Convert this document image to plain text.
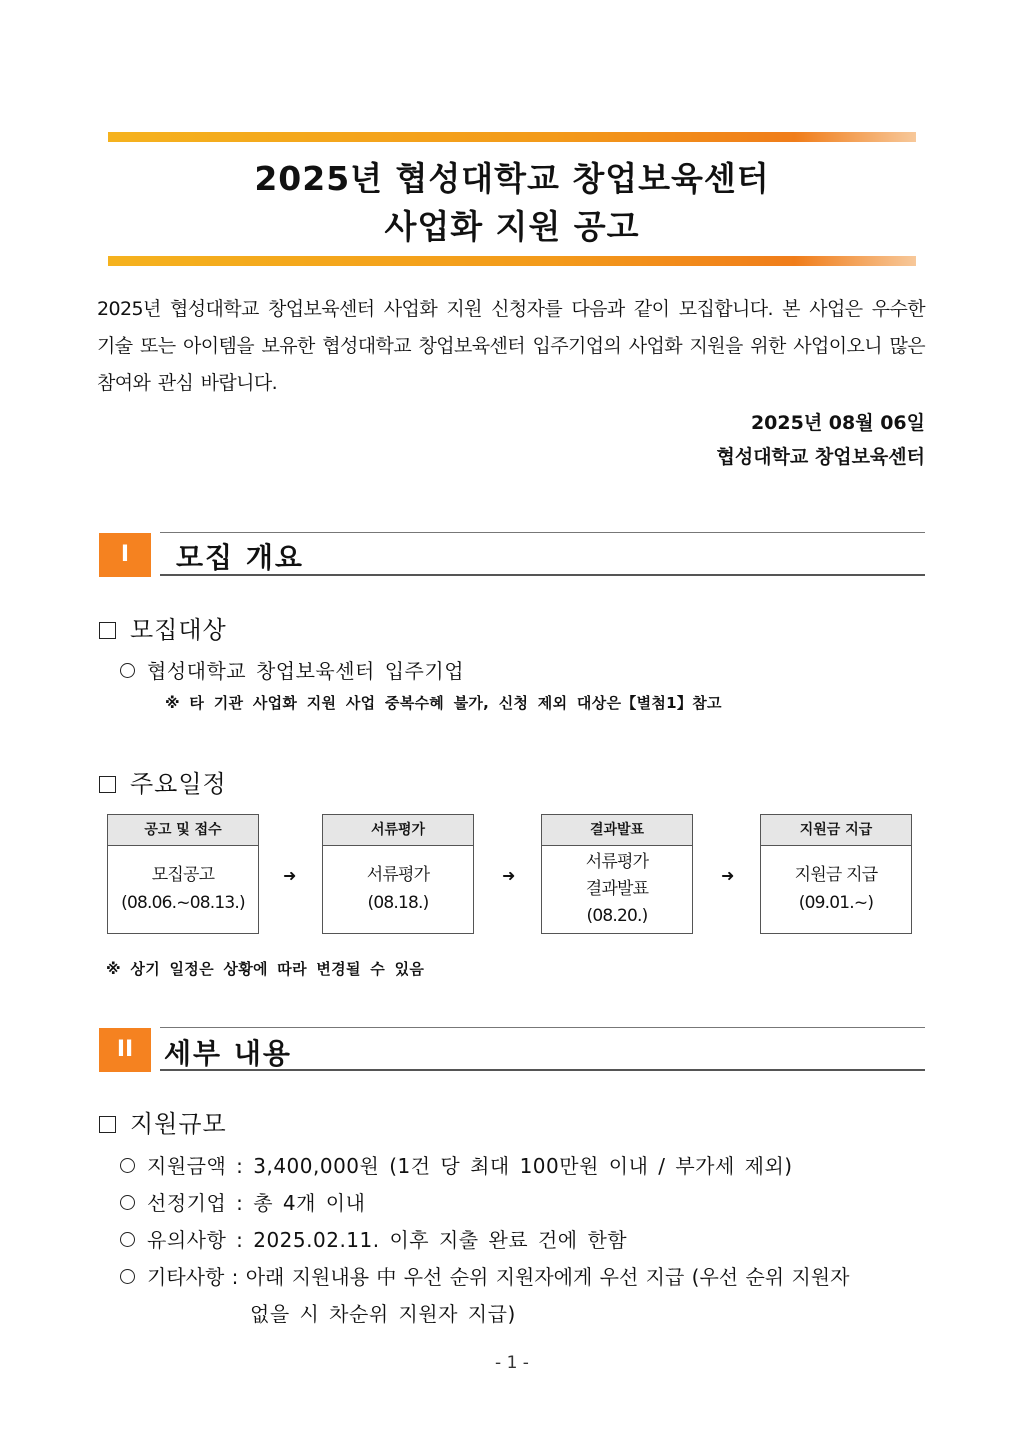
2025년 협성대학교 창업보육센터
사업화 지원 공고
2025년 협성대학교 창업보육센터 사업화 지원 신청자를 다음과 같이 모집합니다. 본 사업은 우수한 기술 또는 아이템을 보유한 협성대학교 창업보육센터 입주기업의 사업화 지원을 위한 사업이오니 많은 참여와 관심 바랍니다.
2025년 08월 06일
협성대학교 창업보육센터
I	모집 개요
모집대상
협성대학교 창업보육센터 입주기업
※ 타 기관 사업화 지원 사업 중복수혜 불가, 신청 제외 대상은【별첨1】참고
주요일정
공고 및 접수
모집공고
(08.06.~08.13.)
➜
서류평가
서류평가
(08.18.)
➜
결과발표
서류평가
결과발표
(08.20.)
➜
지원금 지급
지원금 지급
(09.01.~)
※ 상기 일정은 상황에 따라 변경될 수 있음
II	세부 내용
지원규모
지원금액 : 3,400,000원 (1건 당 최대 100만원 이내 / 부가세 제외)
선정기업 : 총 4개 이내
유의사항 : 2025.02.11. 이후 지출 완료 건에 한함
기타사항 : 아래 지원내용 中 우선 순위 지원자에게 우선 지급 (우선 순위 지원자
없을 시 차순위 지원자 지급)
- 1 -
